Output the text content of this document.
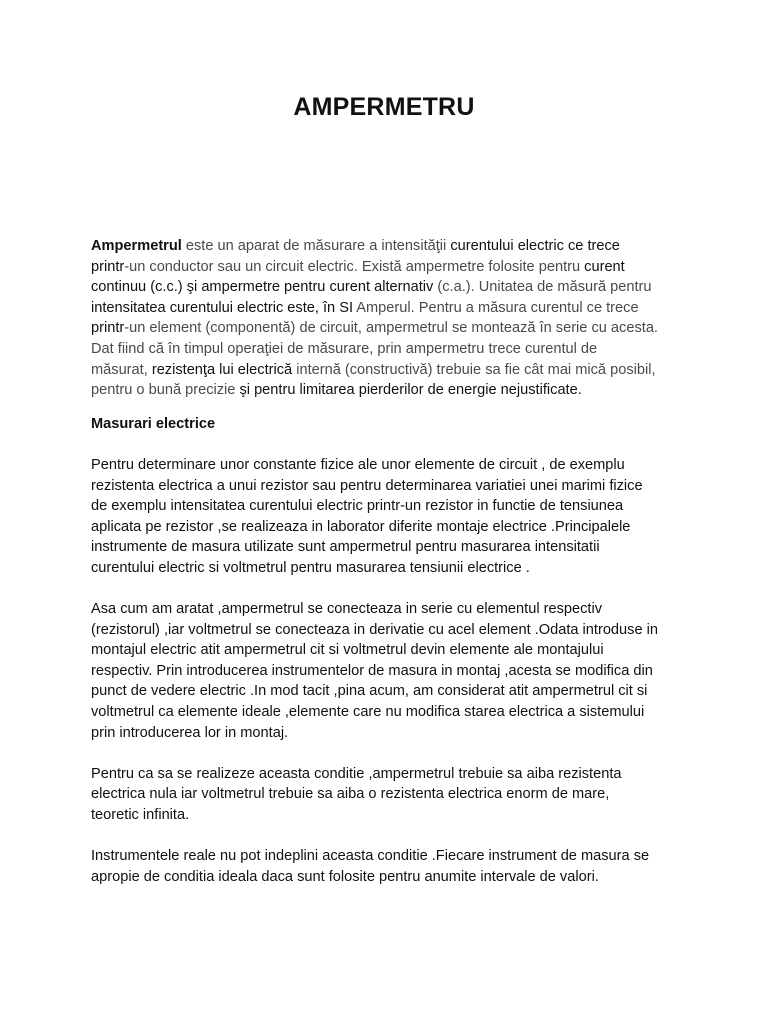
AMPERMETRU

Ampermetrul este un aparat de măsurare a intensităţii curentului electric ce trece
printr-un conductor sau un circuit electric. Există ampermetre folosite pentru curent
continuu (c.c.) şi ampermetre pentru curent alternativ (c.a.). Unitatea de măsură pentru
intensitatea curentului electric este, în SI Amperul. Pentru a măsura curentul ce trece
printr-un element (componentă) de circuit, ampermetrul se montează în serie cu acesta.
Dat fiind că în timpul operaţiei de măsurare, prin ampermetru trece curentul de
măsurat, rezistenţa lui electrică internă (constructivă) trebuie sa fie cât mai mică posibil,
pentru o bună precizie şi pentru limitarea pierderilor de energie nejustificate.

Masurari electrice

Pentru determinare unor constante fizice ale unor elemente de circuit , de exemplu
rezistenta electrica a unui rezistor sau pentru determinarea variatiei unei marimi fizice
de exemplu intensitatea curentului electric printr-un rezistor in functie de tensiunea
aplicata pe rezistor ,se realizeaza in laborator diferite montaje electrice .Principalele
instrumente de masura utilizate sunt ampermetrul pentru masurarea intensitatii
curentului electric si voltmetrul pentru masurarea tensiunii electrice .

Asa cum am aratat ,ampermetrul se conecteaza in serie cu elementul respectiv
(rezistorul) ,iar voltmetrul se conecteaza in derivatie cu acel element .Odata introduse in
montajul electric atit ampermetrul cit si voltmetrul devin elemente ale montajului
respectiv. Prin introducerea instrumentelor de masura in montaj ,acesta se modifica din
punct de vedere electric .In mod tacit ,pina acum, am considerat atit ampermetrul cit si
voltmetrul ca elemente ideale ,elemente care nu modifica starea electrica a sistemului
prin introducerea lor in montaj.

Pentru ca sa se realizeze aceasta conditie ,ampermetrul trebuie sa aiba rezistenta
electrica nula iar voltmetrul trebuie sa aiba o rezistenta electrica enorm de mare,
teoretic infinita.

Instrumentele reale nu pot indeplini aceasta conditie .Fiecare instrument de masura se
apropie de conditia ideala daca sunt folosite pentru anumite intervale de valori.
